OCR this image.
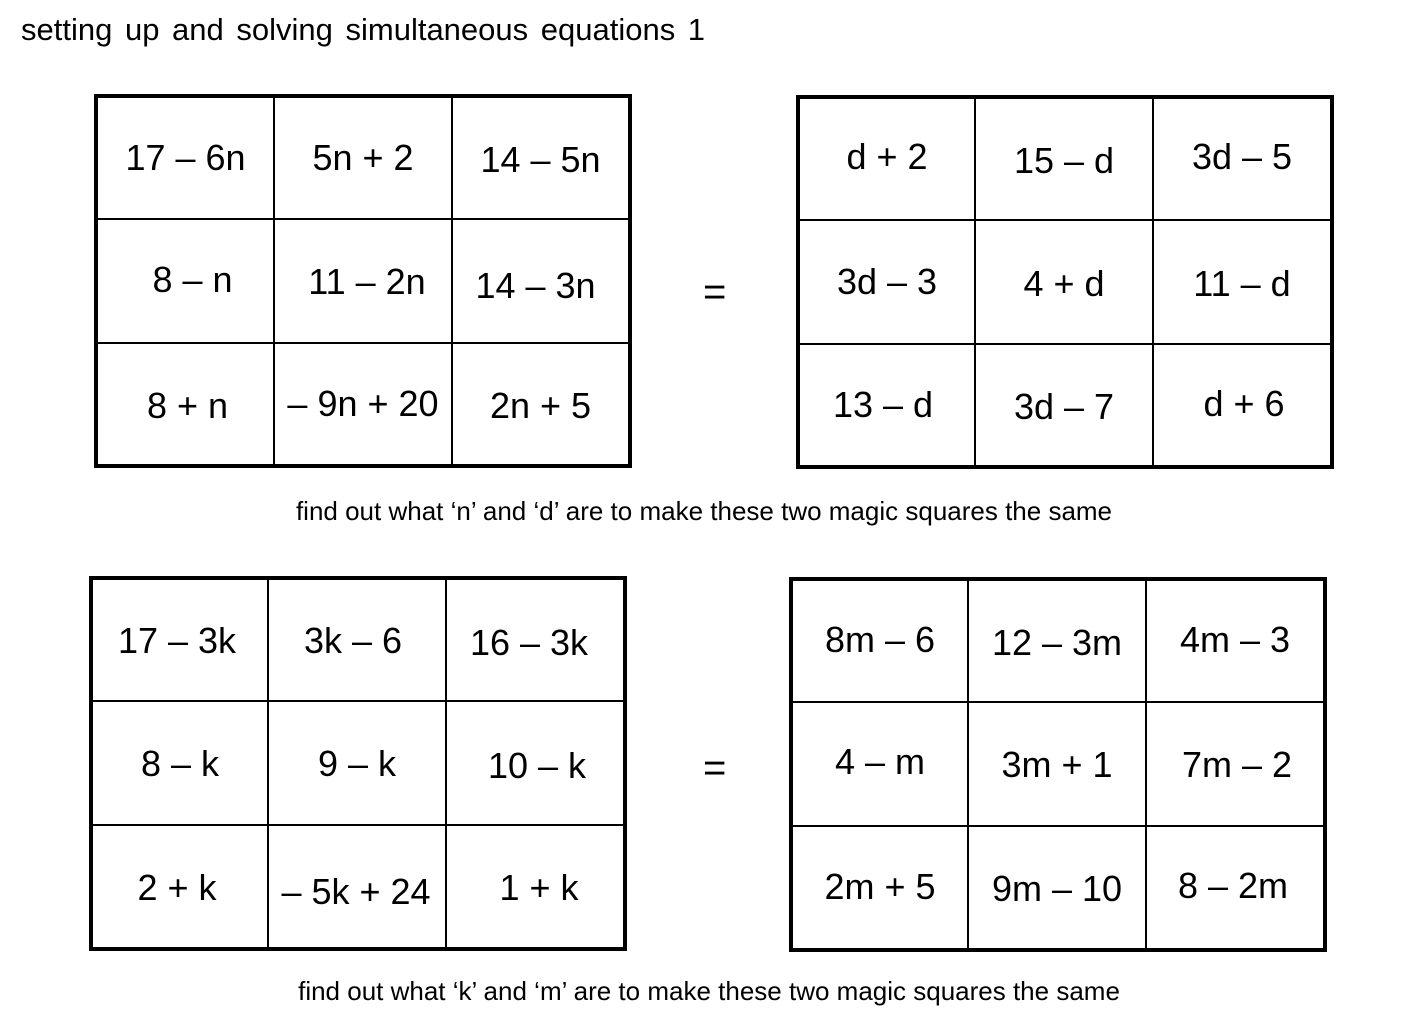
setting up and solving simultaneous equations 1
17 – 6n	5n + 2	14 – 5n
8 – n	11 – 2n	14 – 3n
8 + n	– 9n + 20	2n + 5
=
d + 2	15 – d	3d – 5
3d – 3	4 + d	11 – d
13 – d	3d – 7	d + 6
find out what ‘n’ and ‘d’ are to make these two magic squares the same
17 – 3k	3k – 6	16 – 3k
8 – k	9 – k	10 – k
2 + k	– 5k + 24	1 + k
=
8m – 6	12 – 3m	4m – 3
4 – m	3m + 1	7m – 2
2m + 5	9m – 10	8 – 2m
find out what ‘k’ and ‘m’ are to make these two magic squares the same
